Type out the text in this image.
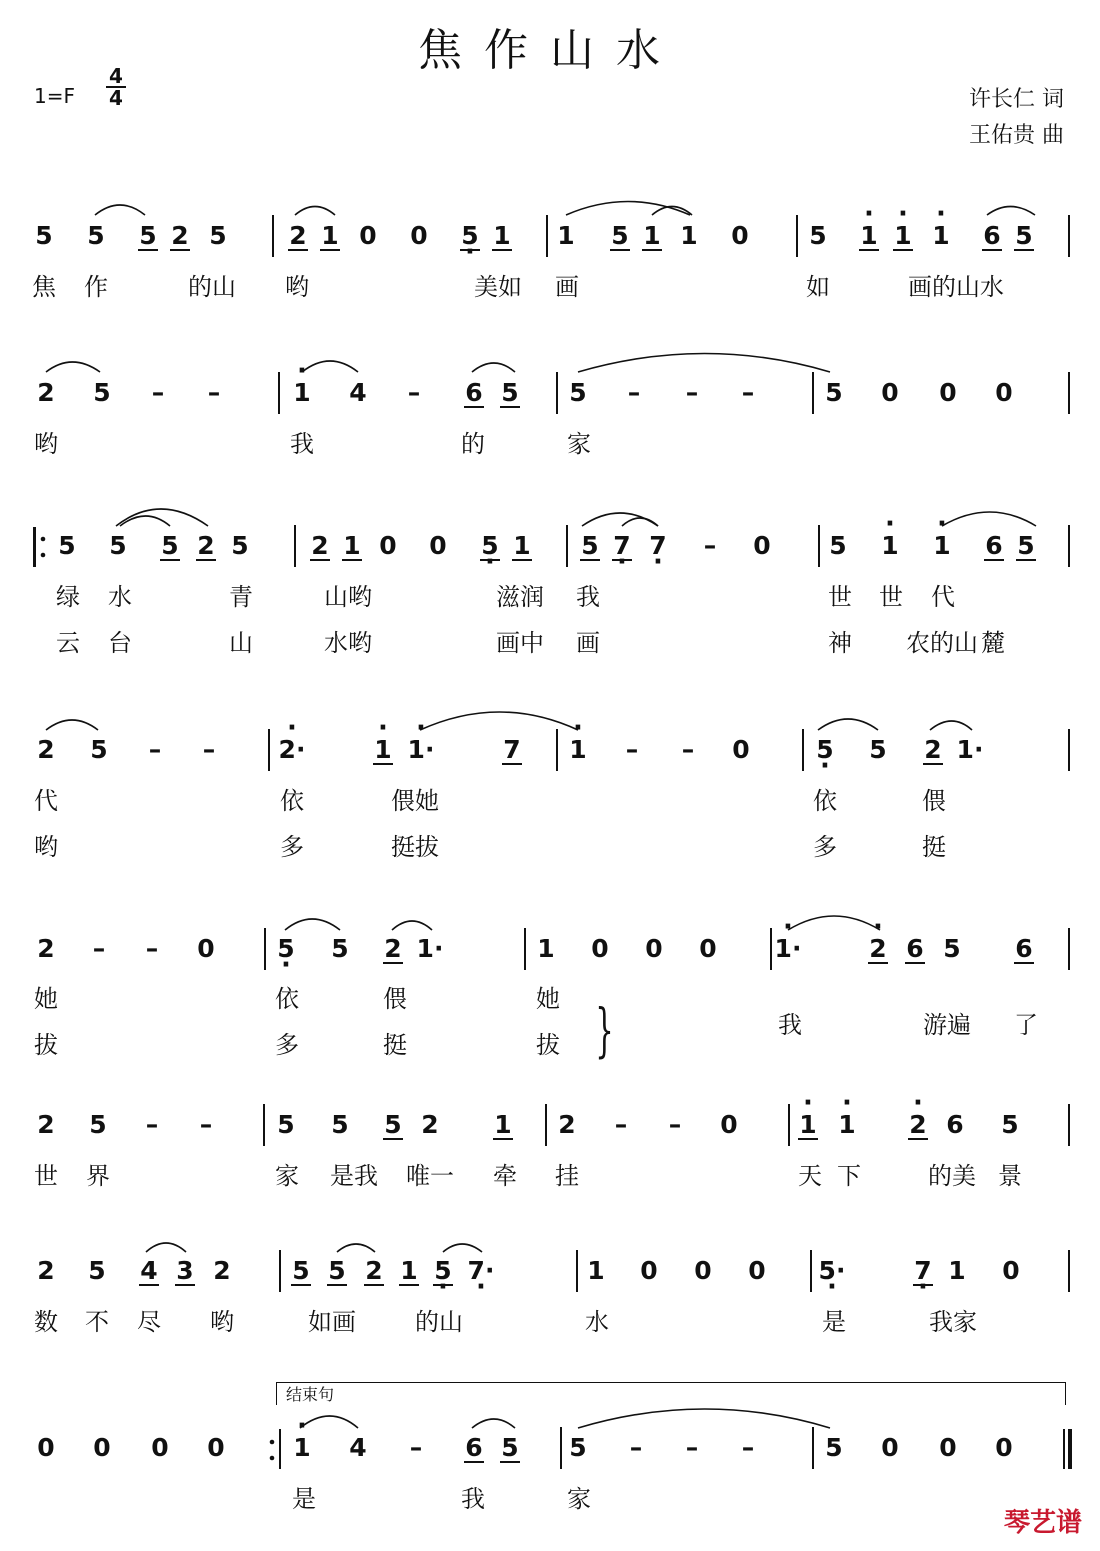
焦作山水
1=F
4
4	许长仁 词
王佑贵 曲
5 5 5 2 5	2 1 0 0 · 5 1 1 5 1 1 0 5 · 1 · 1 · 1 6 5
焦 作	的山 哟	美如 画	如	画的山 水
2 5	–	–	· 1 4	–	6 5 5	–	–	–	5 0 0 0
哟	我	的	家
5 5 5 2 5	2 1 0 0 · 5 1 5 · 7 · 7	–	0 5 · 1 · 1 6 5
绿 水	青	山哟	滋润 我	世 世 代
云 台	山	水哟	画中 画	神 农的山 麓
2 5	–	–	· 2·	· 1 · 1·	7 · 1	–	–	0	· 5 5 2 1·
代	依	偎她	依	偎
哟	多	挺拔	多	挺
2	–	–	0	· 5 5 2 1·	1 0 0 0 · 1·	· 2 6 5 6
她	依	偎	她
拔	多	挺	拔
我	游遍 了
2 5	–	–	5 5 5 2 1 2	–	–	0 · 1 · 1 · 2 6 5
世 界	家 是我 唯一 牵 挂	天 下	的美 景
2 5 4 3 2 5 5 2 1 · 5 · 7·	1 0 0 0 · 5·	· 7 1 0
数 不 尽 哟	如画 的山	水	是	我家
0 0 0 0	· 1 4	–	6 5 5	–	–	–	5 0 0 0
是	我	家
}
结束句
琴艺谱
